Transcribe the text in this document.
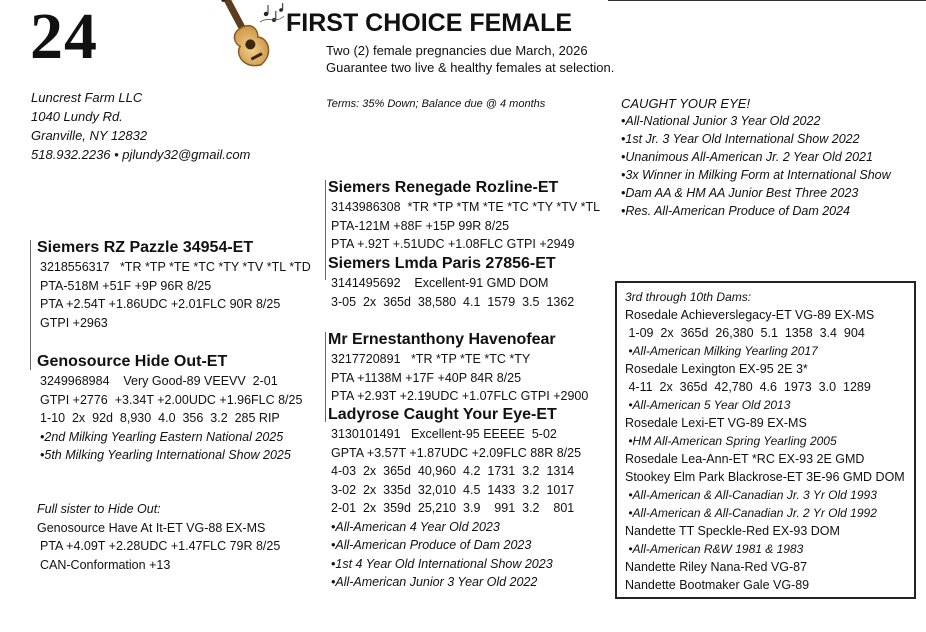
24	FIRST CHOICE FEMALE
Two (2) female pregnancies due March, 2026
Guarantee two live & healthy females at selection.
Terms: 35% Down; Balance due @ 4 months
Luncrest Farm LLC
1040 Lundy Rd.
Granville, NY 12832
518.932.2236 • pjlundy32@gmail.com
CAUGHT YOUR EYE!
•All-National Junior 3 Year Old 2022
•1st Jr. 3 Year Old International Show 2022
•Unanimous All-American Jr. 2 Year Old 2021
•3x Winner in Milking Form at International Show
•Dam AA & HM AA Junior Best Three 2023
•Res. All-American Produce of Dam 2024
Siemers RZ Pazzle 34954-ET
3218556317   *TR *TP *TE *TC *TY *TV *TL *TD
PTA-518M +51F +9P 96R 8/25
PTA +2.54T +1.86UDC +2.01FLC 90R 8/25
GTPI +2963
Genosource Hide Out-ET
3249968984    Very Good-89 VEEVV  2-01
GTPI +2776  +3.34T +2.00UDC +1.96FLC 8/25
1-10  2x  92d  8,930  4.0  356  3.2  285 RIP
•2nd Milking Yearling Eastern National 2025
•5th Milking Yearling International Show 2025
Full sister to Hide Out:
Genosource Have At It-ET VG-88 EX-MS
PTA +4.09T +2.28UDC +1.47FLC 79R 8/25
CAN-Conformation +13
Siemers Renegade Rozline-ET
3143986308  *TR *TP *TM *TE *TC *TY *TV *TL
PTA-121M +88F +15P 99R 8/25
PTA +.92T +.51UDC +1.08FLC GTPI +2949
Siemers Lmda Paris 27856-ET
3141495692    Excellent-91 GMD DOM
3-05  2x  365d  38,580  4.1  1579  3.5  1362
Mr Ernestanthony Havenofear
3217720891   *TR *TP *TE *TC *TY
PTA +1138M +17F +40P 84R 8/25
PTA +2.93T +2.19UDC +1.07FLC GTPI +2900
Ladyrose Caught Your Eye-ET
3130101491   Excellent-95 EEEEE  5-02
GPTA +3.57T +1.87UDC +2.09FLC 88R 8/25
4-03  2x  365d  40,960  4.2  1731  3.2  1314
3-02  2x  335d  32,010  4.5  1433  3.2  1017
2-01  2x  359d  25,210  3.9    991  3.2    801
•All-American 4 Year Old 2023
•All-American Produce of Dam 2023
•1st 4 Year Old International Show 2023
•All-American Junior 3 Year Old 2022
3rd through 10th Dams:
Rosedale Achieverslegacy-ET VG-89 EX-MS
1-09  2x  365d  26,380  5.1  1358  3.4  904
•All-American Milking Yearling 2017
Rosedale Lexington EX-95 2E 3*
4-11  2x  365d  42,780  4.6  1973  3.0  1289
•All-American 5 Year Old 2013
Rosedale Lexi-ET VG-89 EX-MS
•HM All-American Spring Yearling 2005
Rosedale Lea-Ann-ET *RC EX-93 2E GMD
Stookey Elm Park Blackrose-ET 3E-96 GMD DOM
•All-American & All-Canadian Jr. 3 Yr Old 1993
•All-American & All-Canadian Jr. 2 Yr Old 1992
Nandette TT Speckle-Red EX-93 DOM
•All-American R&W 1981 & 1983
Nandette Riley Nana-Red VG-87
Nandette Bootmaker Gale VG-89
